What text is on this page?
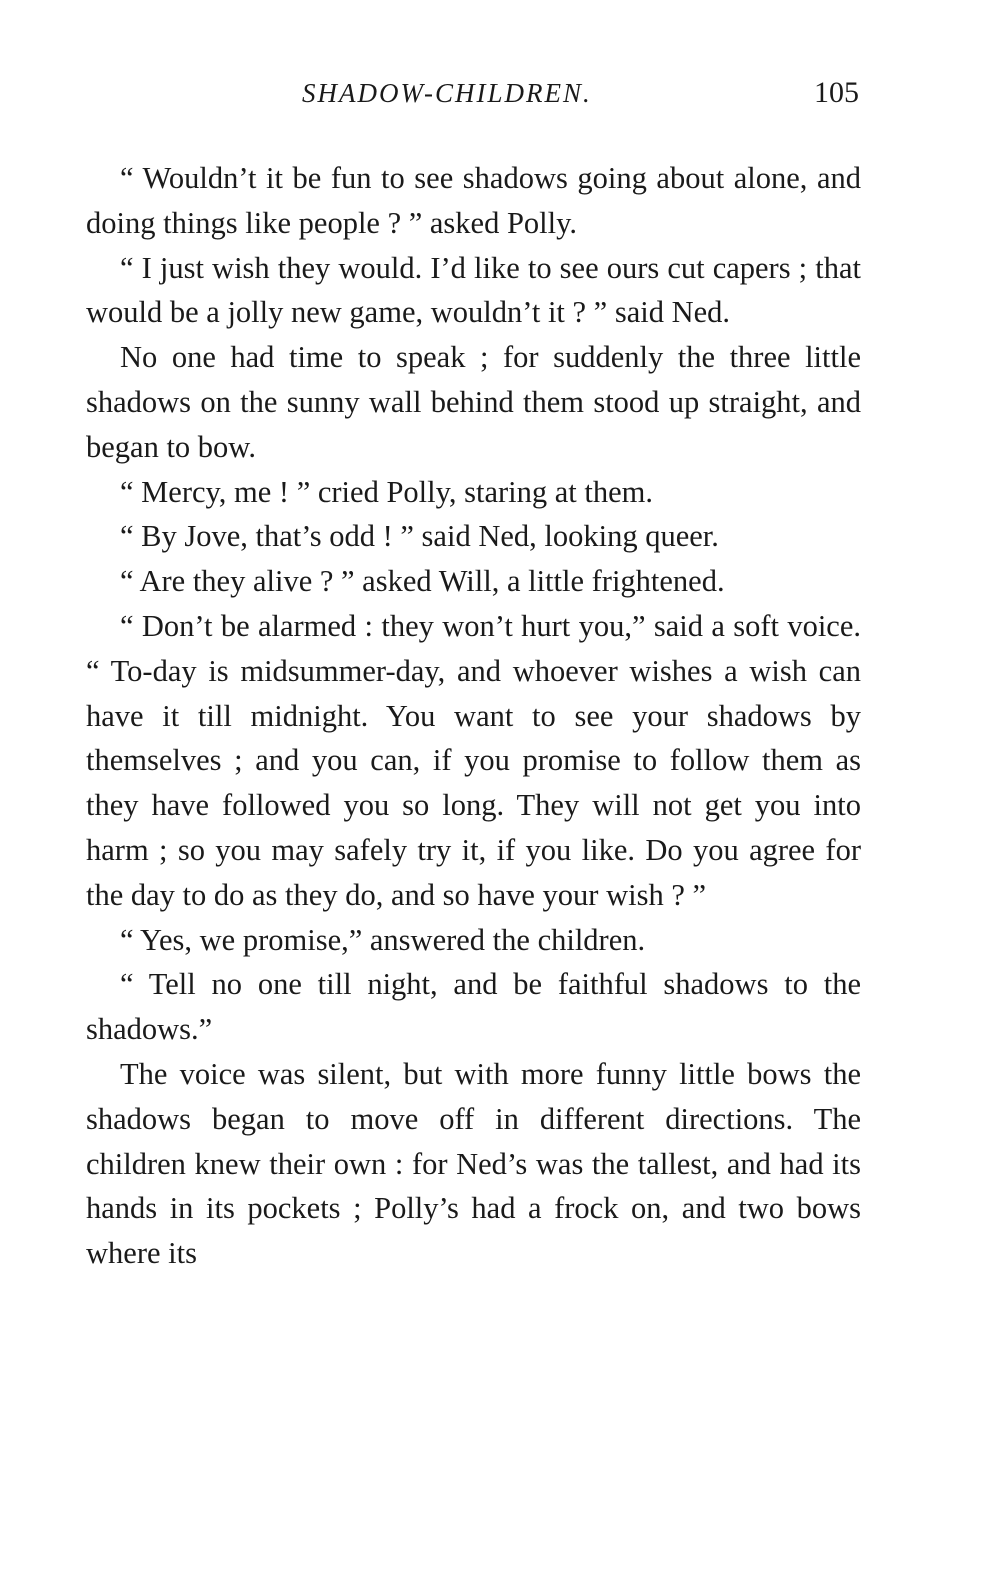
SHADOW-CHILDREN.	105

“ Wouldn’t it be fun to see shadows going about alone, and doing things like people ? ” asked Polly.

“ I just wish they would. I’d like to see ours cut capers ; that would be a jolly new game, wouldn’t it ? ” said Ned.

No one had time to speak ; for suddenly the three little shadows on the sunny wall behind them stood up straight, and began to bow.

“ Mercy, me ! ” cried Polly, staring at them.

“ By Jove, that’s odd ! ” said Ned, looking queer.

“ Are they alive ? ” asked Will, a little frightened.

“ Don’t be alarmed : they won’t hurt you,” said a soft voice. “ To-day is midsummer-day, and whoever wishes a wish can have it till midnight. You want to see your shadows by themselves ; and you can, if you promise to follow them as they have followed you so long. They will not get you into harm ; so you may safely try it, if you like. Do you agree for the day to do as they do, and so have your wish ? ”

“ Yes, we promise,” answered the children.

“ Tell no one till night, and be faithful shadows to the shadows.”

The voice was silent, but with more funny little bows the shadows began to move off in different directions. The children knew their own : for Ned’s was the tallest, and had its hands in its pockets ; Polly’s had a frock on, and two bows where its
